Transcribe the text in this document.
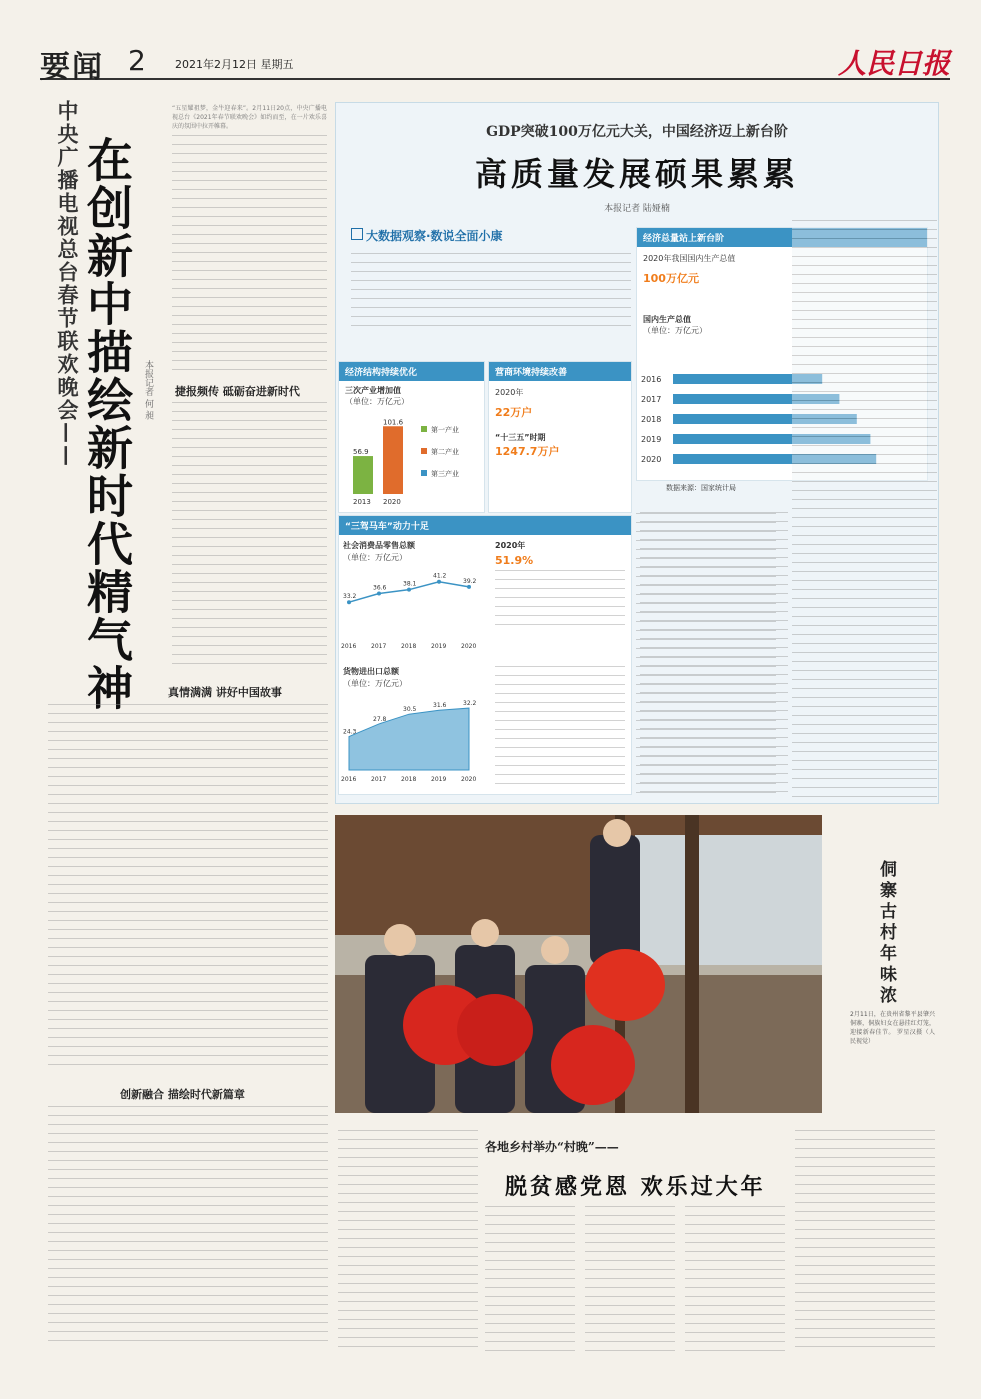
要闻 2	2021年2月12日 星期五	人民日报
中央广播电视总台春节联欢晚会—— 在创新中描绘新时代精气神 本报记者 何 昶
“五星耀祖梦，金牛迎春来”。2月11日20点，中央广播电视总台《2021年春节联欢晚会》如约而至，在一片欢乐喜庆的氛围中拉开帷幕。
捷报频传 砥砺奋进新时代
真情满满 讲好中国故事
创新融合 描绘时代新篇章
GDP突破100万亿元大关，中国经济迈上新台阶
高质量发展硕果累累
本报记者 陆娅楠
大数据观察·数说全面小康	经济总量站上新台阶
2020年我国国内生产总值
100万亿元
国内生产总值
（单位：万亿元）
2016
2017
2018
2019
2020
经济结构持续优化
三次产业增加值
（单位：万亿元）
56.9
2013
101.6
2020
第一产业
第二产业
第三产业
营商环境持续改善
2020年
22万户
“十三五”时期
1247.7万户
“三驾马车”动力十足
社会消费品零售总额
（单位：万亿元）
33.2
2016
36.6
2017
38.1
2018
41.2
2019
39.2
2020
2020年
51.9%
货物进出口总额
（单位：万亿元）
24.3
2016
27.8
2017
30.5
2018
31.6
2019
32.2
2020
数据来源：国家统计局
侗寨古村年味浓
2月11日，在贵州省黎平县肇兴侗寨，侗族妇女在悬挂红灯笼，迎接新春佳节。 罗星汉摄（人民视觉）
各地乡村举办“村晚”——
脱贫感党恩 欢乐过大年
